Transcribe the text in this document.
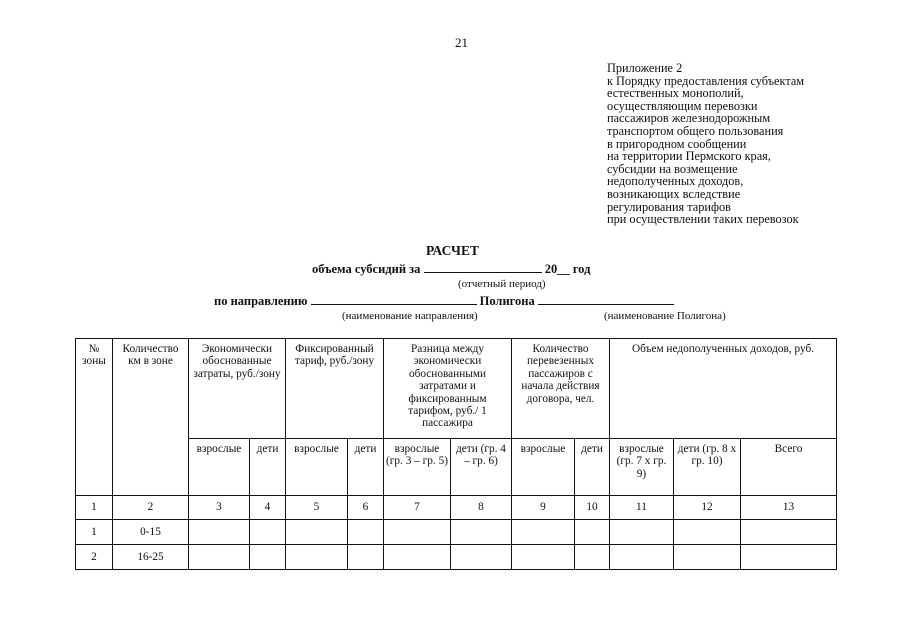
21
Приложение 2
к Порядку предоставления субъектам
естественных монополий,
осуществляющим перевозки
пассажиров железнодорожным
транспортом общего пользования
в пригородном сообщении
на территории Пермского края,
субсидии на возмещение
недополученных доходов,
возникающих вследствие
регулирования тарифов
при осуществлении таких перевозок
РАСЧЕТ
объема субсидий за	20__ год
(отчетный период)
по направлению	Полигона
(наименование направления)	(наименование Полигона)
№ зоны	Количество км в зоне	Экономически обоснованные затраты, руб./зону		Фиксированный тариф, руб./зону		Разница между экономически обоснованными затратами и фиксированным тарифом, руб./ 1 пассажира		Количество перевезенных пассажиров с начала действия договора, чел.		Объем недополученных доходов, руб.		
		взрослые	дети	взрослые	дети	взрослые (гр. 3 – гр. 5)	дети (гр. 4 – гр. 6)	взрослые	дети	взрослые (гр. 7 х гр. 9)	дети (гр. 8 х гр. 10)	Всего
1	2	3	4	5	6	7	8	9	10	11	12	13
1	0-15											
2	16-25											
